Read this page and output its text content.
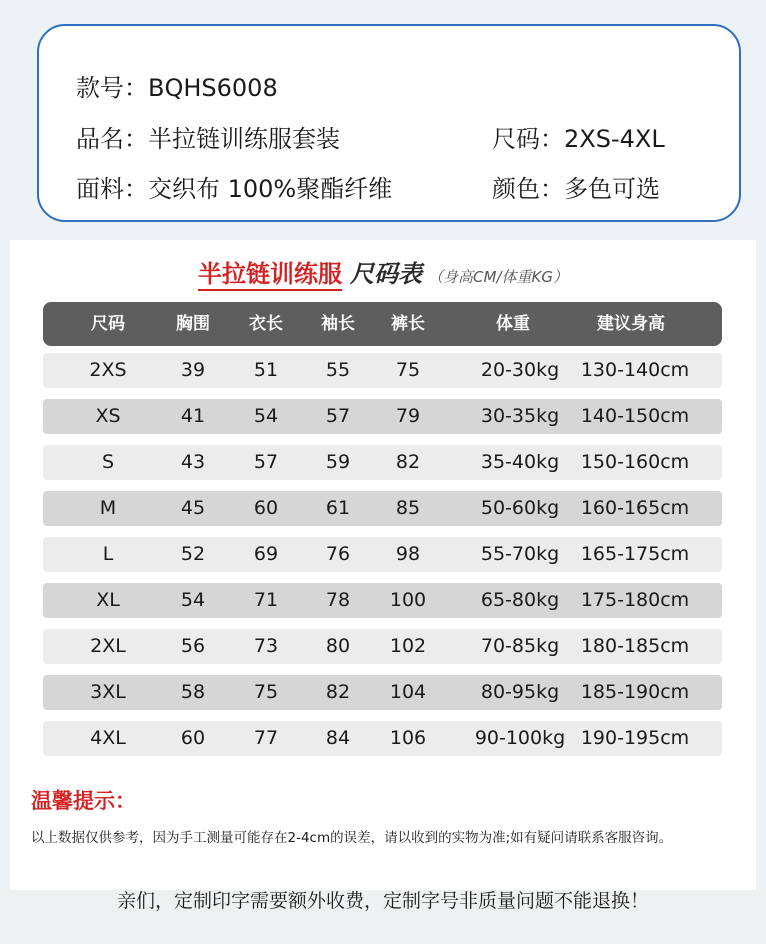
款号：BQHS6008
品名：半拉链训练服套装	尺码：2XS-4XL
面料：交织布 100%聚酯纤维	颜色：多色可选
半拉链训练服 尺码表 （身高CM/体重KG）
尺码	胸围 衣长 袖长 裤长	体重	建议身高
2XS	39	51	55 75	20-30kg 130-140cm
XS	41	54	57 79	30-35kg 140-150cm
S	43	57	59 82	35-40kg 150-160cm
M	45	60	61 85	50-60kg 160-165cm
L	52	69	76 98	55-70kg 165-175cm
XL	54	71	78 100	65-80kg 175-180cm
2XL	56	73	80 102	70-85kg 180-185cm
3XL	58	75	82 104	80-95kg 185-190cm
4XL	60	77	84 106	90-100kg 190-195cm
温馨提示：
以上数据仅供参考，因为手工测量可能存在2-4cm的误差，请以收到的实物为准;如有疑问请联系客服咨询。
亲们，定制印字需要额外收费，定制字号非质量问题不能退换！
